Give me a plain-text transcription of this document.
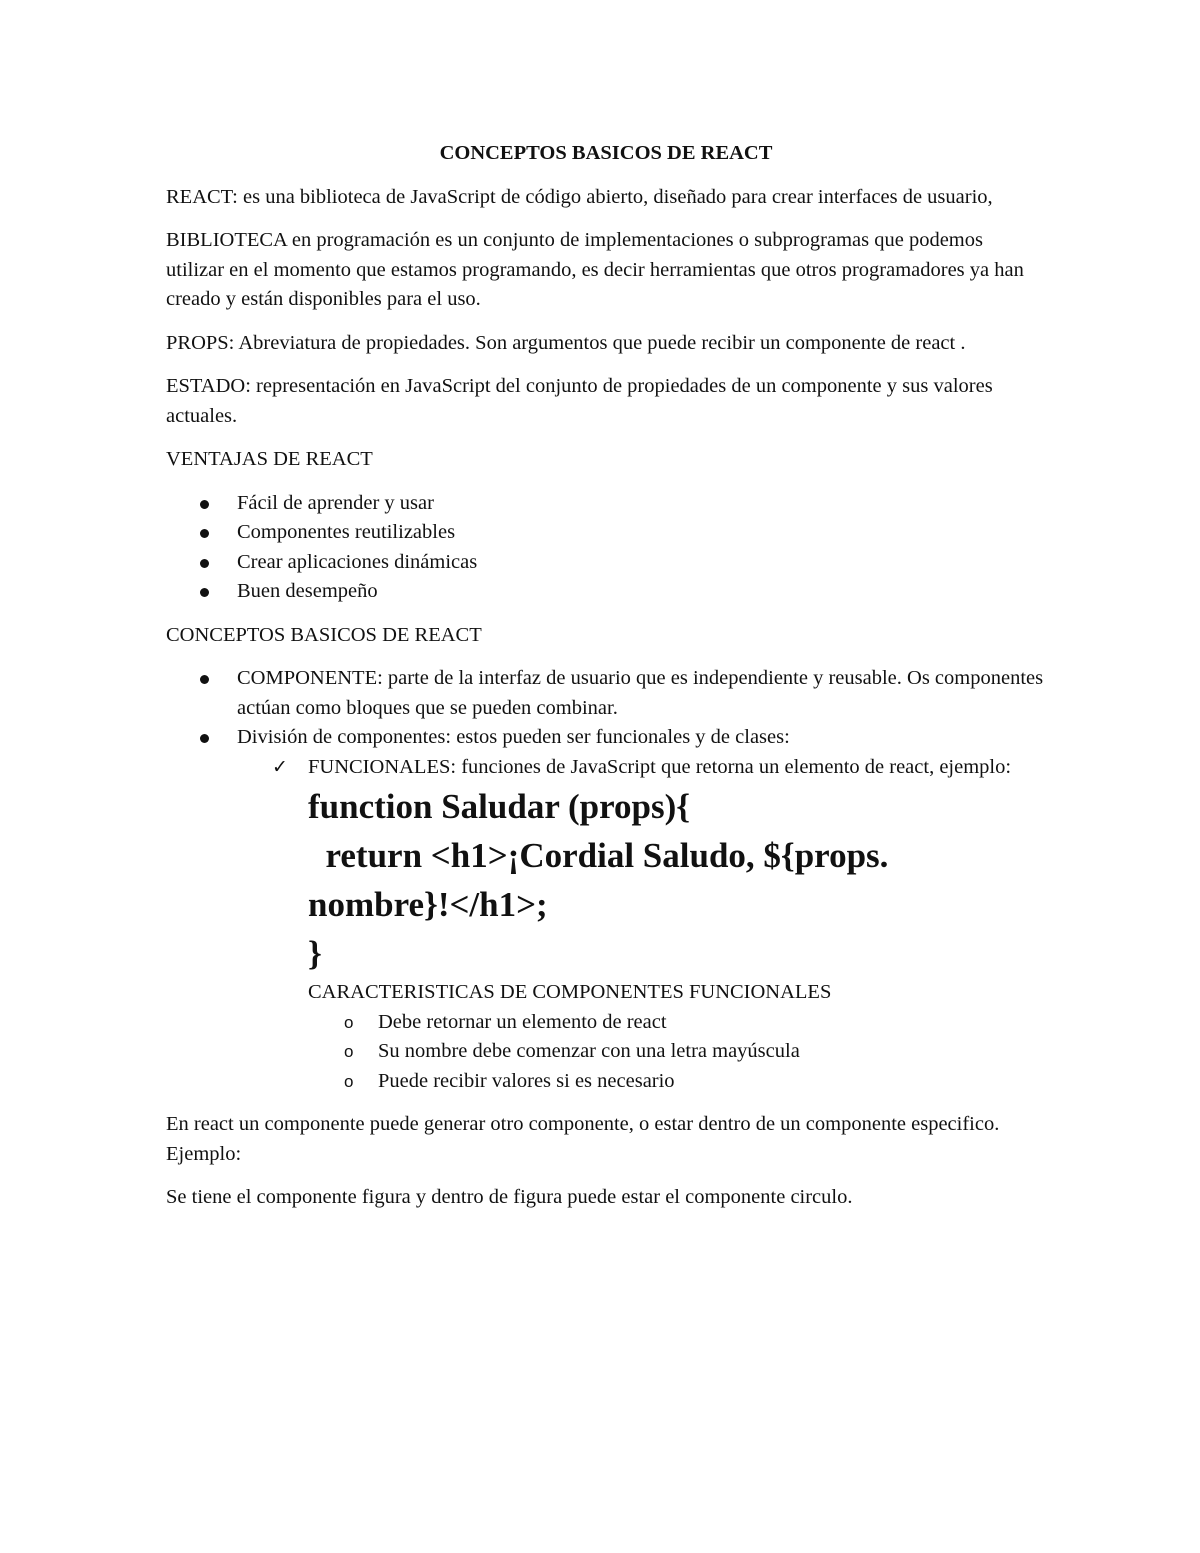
CONCEPTOS BASICOS DE REACT

REACT: es una biblioteca de JavaScript de código abierto, diseñado para crear interfaces de usuario,

BIBLIOTECA en programación es un conjunto de implementaciones o subprogramas que podemos utilizar en el momento que estamos programando, es decir herramientas que otros programadores ya han creado y están disponibles para el uso.

PROPS: Abreviatura de propiedades. Son argumentos que puede recibir un componente de react .

ESTADO: representación en JavaScript del conjunto de propiedades de un componente y sus valores actuales.

VENTAJAS DE REACT

Fácil de aprender y usar
Componentes reutilizables
Crear aplicaciones dinámicas
Buen desempeño

CONCEPTOS BASICOS DE REACT

COMPONENTE: parte de la interfaz de usuario que es independiente y reusable. Os componentes actúan como bloques que se pueden combinar.
División de componentes: estos pueden ser funcionales y de clases:
✓ FUNCIONALES: funciones de JavaScript que retorna un elemento de react, ejemplo:
function Saludar (props){
return <h1>¡Cordial Saludo, ${props.
nombre}!</h1>;
}
CARACTERISTICAS DE COMPONENTES FUNCIONALES
o Debe retornar un elemento de react
o Su nombre debe comenzar con una letra mayúscula
o Puede recibir valores si es necesario

En react un componente puede generar otro componente, o estar dentro de un componente especifico. Ejemplo:

Se tiene el componente figura y dentro de figura puede estar el componente circulo.
